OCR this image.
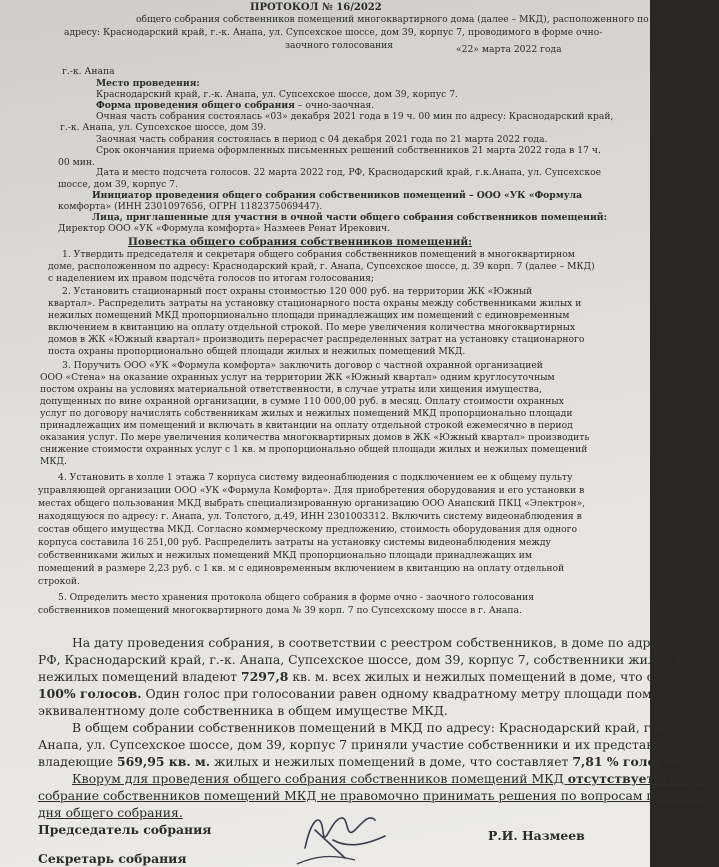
ПРОТОКОЛ № 16/2022
общего собрания собственников помещений многоквартирного дома (далее – МКД), расположенного по
адресу: Краснодарский край, г.-к. Анапа, ул. Супсехское шоссе, дом 39, корпус 7, проводимого в форме очно-
заочного голосования	«22» марта 2022 года
г.-к. Анапа
Место проведения:
Краснодарский край, г.-к. Анапа, ул. Супсехское шоссе, дом 39, корпус 7.
Форма проведения общего собрания – очно-заочная.
Очная часть собрания состоялась «03» декабря 2021 года в 19 ч. 00 мин по адресу: Краснодарский край,
г.-к. Анапа, ул. Супсехское шоссе, дом 39.
Заочная часть собрания состоялась в период с 04 декабря 2021 года по 21 марта 2022 года.
Срок окончания приема оформленных письменных решений собственников 21 марта 2022 года в 17 ч.
00 мин.
Дата и место подсчета голосов. 22 марта 2022 год, РФ, Краснодарский край, г.к.Анапа, ул. Супсехское
шоссе, дом 39, корпус 7.
Инициатор проведения общего собрания собственников помещений – ООО «УК «Формула
комфорта» (ИНН 2301097656, ОГРН 1182375069447).
Лица, приглашенные для участия в очной части общего собрания собственников помещений:
Директор ООО «УК «Формула комфорта» Назмеев Ренат Ирекович.
Повестка общего собрания собственников помещений:
1. Утвердить председателя и секретаря общего собрания собственников помещений в многоквартирном
доме, расположенном по адресу: Краснодарский край, г. Анапа, Супсехское шоссе, д. 39 корп. 7 (далее – МКД)
с наделением их правом подсчёта голосов по итогам голосования;
2. Установить стационарный пост охраны стоимостью 120 000 руб. на территории ЖК «Южный
квартал». Распределить затраты на установку стационарного поста охраны между собственниками жилых и
нежилых помещений МКД пропорционально площади принадлежащих им помещений с единовременным
включением в квитанцию на оплату отдельной строкой. По мере увеличения количества многоквартирных
домов в ЖК «Южный квартал» производить перерасчет распределенных затрат на установку стационарного
поста охраны пропорционально общей площади жилых и нежилых помещений МКД.
3. Поручить ООО «УК «Формула комфорта» заключить договор с частной охранной организацией
ООО «Стена» на оказание охранных услуг на территории ЖК «Южный квартал» одним круглосуточным
постом охраны на условиях материальной ответственности, в случае утраты или хищения имущества,
допущенных по вине охранной организации, в сумме 110 000,00 руб. в месяц. Оплату стоимости охранных
услуг по договору начислять собственникам жилых и нежилых помещений МКД пропорционально площади
принадлежащих им помещений и включать в квитанции на оплату отдельной строкой ежемесячно в период
оказания услуг. По мере увеличения количества многоквартирных домов в ЖК «Южный квартал» производить
снижение стоимости охранных услуг с 1 кв. м пропорционально общей площади жилых и нежилых помещений
МКД.
4. Установить в холле 1 этажа 7 корпуса систему видеонаблюдения с подключением ее к общему пульту
управляющей организации ООО «УК «Формула Комфорта». Для приобретения оборудования и его установки в
местах общего пользования МКД выбрать специализированную организацию ООО Анапский ПКЦ «Электрон»,
находящуюся по адресу: г. Анапа, ул. Толстого, д.49, ИНН 2301003312. Включить систему видеонаблюдения в
состав общего имущества МКД. Согласно коммерческому предложению, стоимость оборудования для одного
корпуса составила 16 251,00 руб. Распределить затраты на установку системы видеонаблюдения между
собственниками жилых и нежилых помещений МКД пропорционально площади принадлежащих им
помещений в размере 2,23 руб. с 1 кв. м с единовременным включением в квитанцию на оплату отдельной
строкой.
5. Определить место хранения протокола общего собрания в форме очно - заочного голосования
собственников помещений многоквартирного дома № 39 корп. 7 по Супсехскому шоссе в г. Анапа.
На дату проведения собрания, в соответствии с реестром собственников, в доме по адресу:
РФ, Краснодарский край, г.-к. Анапа, Супсехское шоссе, дом 39, корпус 7, собственники жилых и
нежилых помещений владеют 7297,8 кв. м. всех жилых и нежилых помещений в доме, что составляет
100% голосов. Один голос при голосовании равен одному квадратному метру площади помещения,
эквивалентному доле собственника в общем имуществе МКД.
В общем собрании собственников помещений в МКД по адресу: Краснодарский край, г.-к.
Анапа, ул. Супсехское шоссе, дом 39, корпус 7 приняли участие собственники и их представители,
владеющие 569,95 кв. м. жилых и нежилых помещений в доме, что составляет 7,81 % голосов.
Кворум для проведения общего собрания собственников помещений МКД отсутствует. Общее
собрание собственников помещений МКД не правомочно принимать решения по вопросам повестки
дня общего собрания.
Председатель собрания	Р.И. Назмеев
Секретарь собрания
